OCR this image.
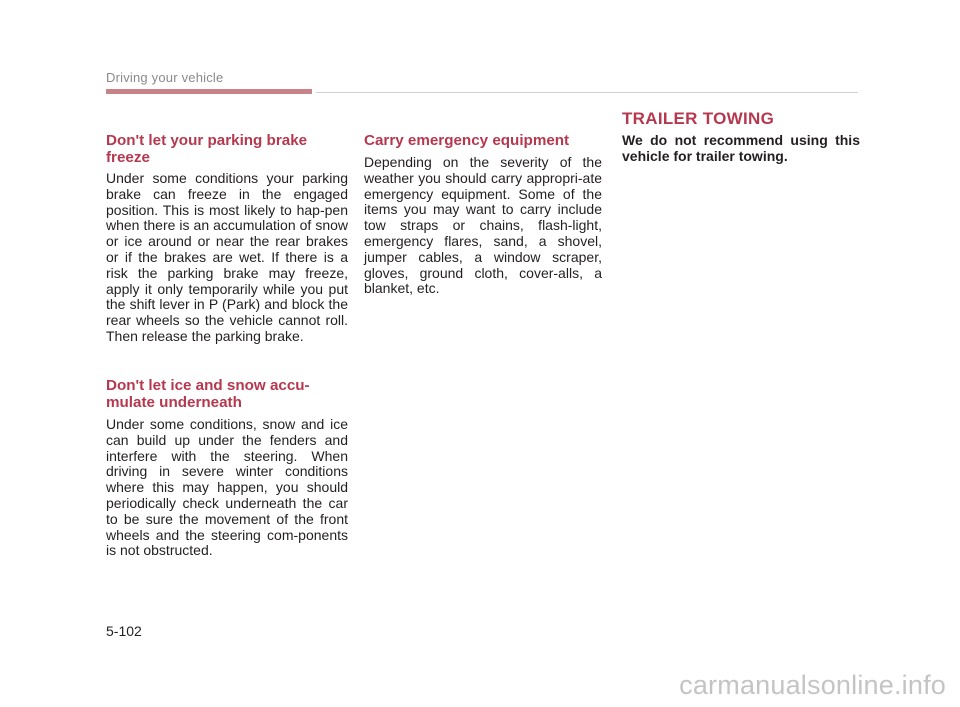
Driving your vehicle
Don't let your parking brake freeze

Under some conditions your parking brake can freeze in the engaged position. This is most likely to hap-pen when there is an accumulation of snow or ice around or near the rear brakes or if the brakes are wet. If there is a risk the parking brake may freeze, apply it only temporarily while you put the shift lever in P (Park) and block the rear wheels so the vehicle cannot roll. Then release the parking brake.

Don't let ice and snow accu-mulate underneath

Under some conditions, snow and ice can build up under the fenders and interfere with the steering. When driving in severe winter conditions where this may happen, you should periodically check underneath the car to be sure the movement of the front wheels and the steering com-ponents is not obstructed.

Carry emergency equipment

Depending on the severity of the weather you should carry appropri-ate emergency equipment. Some of the items you may want to carry include tow straps or chains, flash-light, emergency flares, sand, a shovel, jumper cables, a window scraper, gloves, ground cloth, cover-alls, a blanket, etc.

TRAILER TOWING

We do not recommend using this vehicle for trailer towing.

5-102
carmanualsonline.info
